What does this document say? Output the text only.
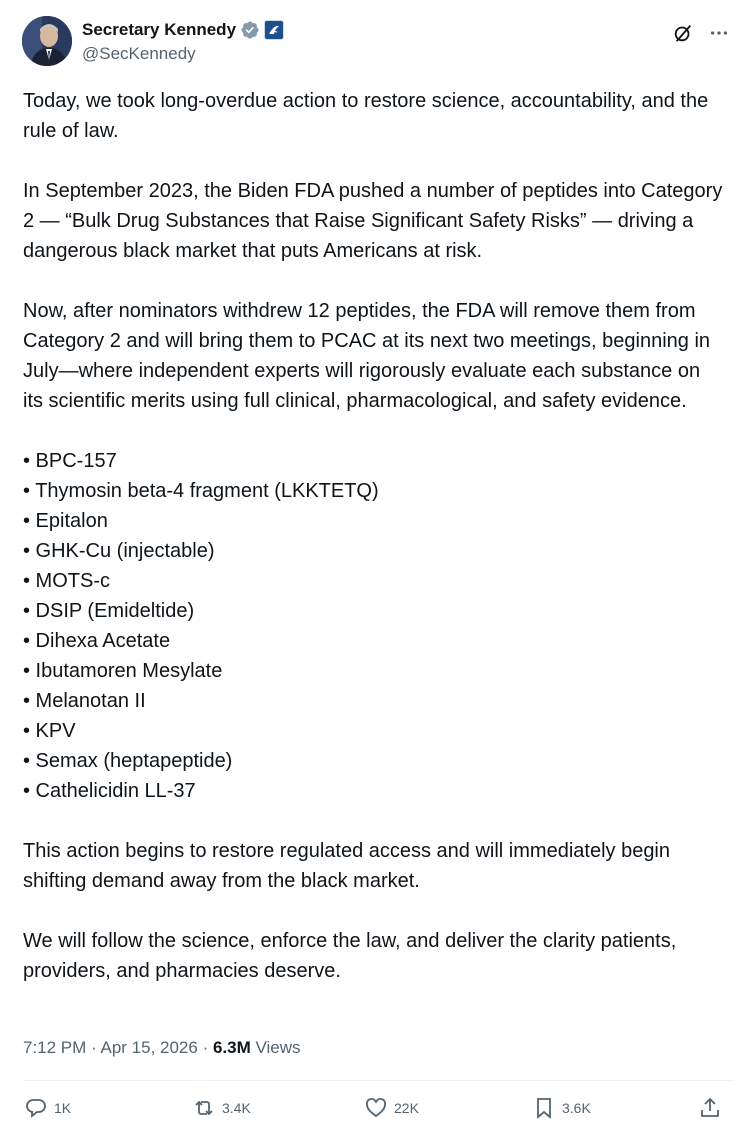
Secretary Kennedy
@SecKennedy

Today, we took long-overdue action to restore science, accountability, and the rule of law.

In September 2023, the Biden FDA pushed a number of peptides into Category 2 — “Bulk Drug Substances that Raise Significant Safety Risks” — driving a dangerous black market that puts Americans at risk.

Now, after nominators withdrew 12 peptides, the FDA will remove them from Category 2 and will bring them to PCAC at its next two meetings, beginning in July—where independent experts will rigorously evaluate each substance on its scientific merits using full clinical, pharmacological, and safety evidence.

• BPC-157
• Thymosin beta-4 fragment (LKKTETQ)
• Epitalon
• GHK-Cu (injectable)
• MOTS-c
• DSIP (Emideltide)
• Dihexa Acetate
• Ibutamoren Mesylate
• Melanotan II
• KPV
• Semax (heptapeptide)
• Cathelicidin LL-37

This action begins to restore regulated access and will immediately begin shifting demand away from the black market.

We will follow the science, enforce the law, and deliver the clarity patients, providers, and pharmacies deserve.

7:12 PM · Apr 15, 2026 · 6.3M Views
1K	3.4K	22K	3.6K
